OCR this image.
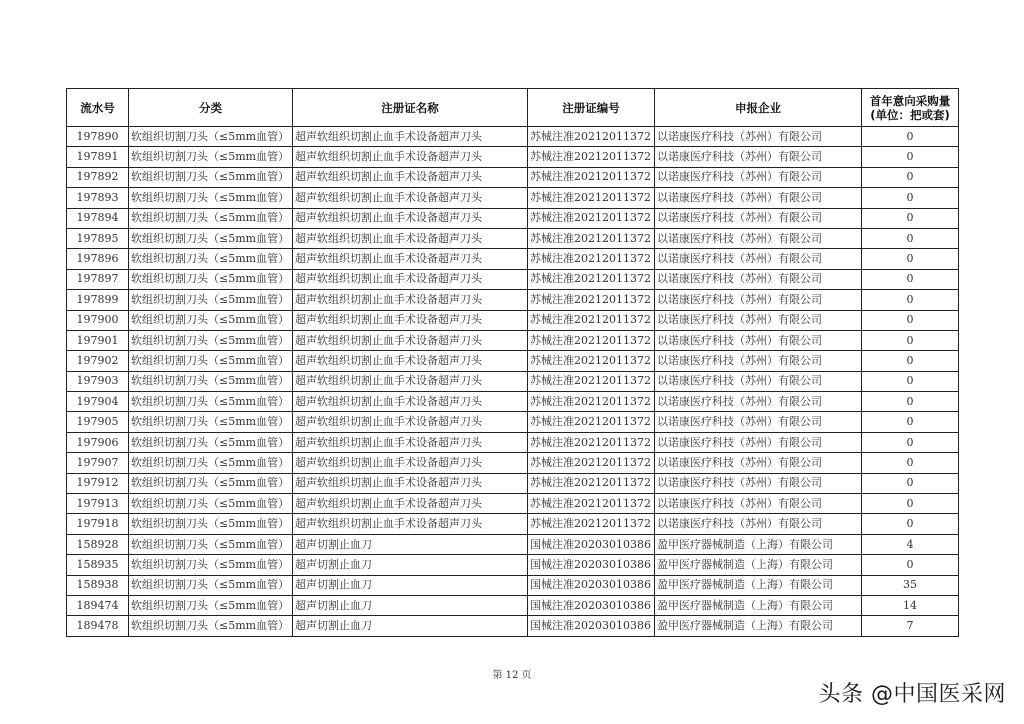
流水号	分类	注册证名称	注册证编号	申报企业	首年意向采购量
(单位：把或套)

197890	软组织切割刀头（≤5mm血管）	超声软组织切割止血手术设备超声刀头	苏械注准20212011372	以诺康医疗科技（苏州）有限公司	0
197891	软组织切割刀头（≤5mm血管）	超声软组织切割止血手术设备超声刀头	苏械注准20212011372	以诺康医疗科技（苏州）有限公司	0
197892	软组织切割刀头（≤5mm血管）	超声软组织切割止血手术设备超声刀头	苏械注准20212011372	以诺康医疗科技（苏州）有限公司	0
197893	软组织切割刀头（≤5mm血管）	超声软组织切割止血手术设备超声刀头	苏械注准20212011372	以诺康医疗科技（苏州）有限公司	0
197894	软组织切割刀头（≤5mm血管）	超声软组织切割止血手术设备超声刀头	苏械注准20212011372	以诺康医疗科技（苏州）有限公司	0
197895	软组织切割刀头（≤5mm血管）	超声软组织切割止血手术设备超声刀头	苏械注准20212011372	以诺康医疗科技（苏州）有限公司	0
197896	软组织切割刀头（≤5mm血管）	超声软组织切割止血手术设备超声刀头	苏械注准20212011372	以诺康医疗科技（苏州）有限公司	0
197897	软组织切割刀头（≤5mm血管）	超声软组织切割止血手术设备超声刀头	苏械注准20212011372	以诺康医疗科技（苏州）有限公司	0
197899	软组织切割刀头（≤5mm血管）	超声软组织切割止血手术设备超声刀头	苏械注准20212011372	以诺康医疗科技（苏州）有限公司	0
197900	软组织切割刀头（≤5mm血管）	超声软组织切割止血手术设备超声刀头	苏械注准20212011372	以诺康医疗科技（苏州）有限公司	0
197901	软组织切割刀头（≤5mm血管）	超声软组织切割止血手术设备超声刀头	苏械注准20212011372	以诺康医疗科技（苏州）有限公司	0
197902	软组织切割刀头（≤5mm血管）	超声软组织切割止血手术设备超声刀头	苏械注准20212011372	以诺康医疗科技（苏州）有限公司	0
197903	软组织切割刀头（≤5mm血管）	超声软组织切割止血手术设备超声刀头	苏械注准20212011372	以诺康医疗科技（苏州）有限公司	0
197904	软组织切割刀头（≤5mm血管）	超声软组织切割止血手术设备超声刀头	苏械注准20212011372	以诺康医疗科技（苏州）有限公司	0
197905	软组织切割刀头（≤5mm血管）	超声软组织切割止血手术设备超声刀头	苏械注准20212011372	以诺康医疗科技（苏州）有限公司	0
197906	软组织切割刀头（≤5mm血管）	超声软组织切割止血手术设备超声刀头	苏械注准20212011372	以诺康医疗科技（苏州）有限公司	0
197907	软组织切割刀头（≤5mm血管）	超声软组织切割止血手术设备超声刀头	苏械注准20212011372	以诺康医疗科技（苏州）有限公司	0
197912	软组织切割刀头（≤5mm血管）	超声软组织切割止血手术设备超声刀头	苏械注准20212011372	以诺康医疗科技（苏州）有限公司	0
197913	软组织切割刀头（≤5mm血管）	超声软组织切割止血手术设备超声刀头	苏械注准20212011372	以诺康医疗科技（苏州）有限公司	0
197918	软组织切割刀头（≤5mm血管）	超声软组织切割止血手术设备超声刀头	苏械注准20212011372	以诺康医疗科技（苏州）有限公司	0
158928	软组织切割刀头（≤5mm血管）	超声切割止血刀	国械注准20203010386	盈甲医疗器械制造（上海）有限公司	4
158935	软组织切割刀头（≤5mm血管）	超声切割止血刀	国械注准20203010386	盈甲医疗器械制造（上海）有限公司	0
158938	软组织切割刀头（≤5mm血管）	超声切割止血刀	国械注准20203010386	盈甲医疗器械制造（上海）有限公司	35
189474	软组织切割刀头（≤5mm血管）	超声切割止血刀	国械注准20203010386	盈甲医疗器械制造（上海）有限公司	14
189478	软组织切割刀头（≤5mm血管）	超声切割止血刀	国械注准20203010386	盈甲医疗器械制造（上海）有限公司	7
第 12 页
头条 @中国医采网
